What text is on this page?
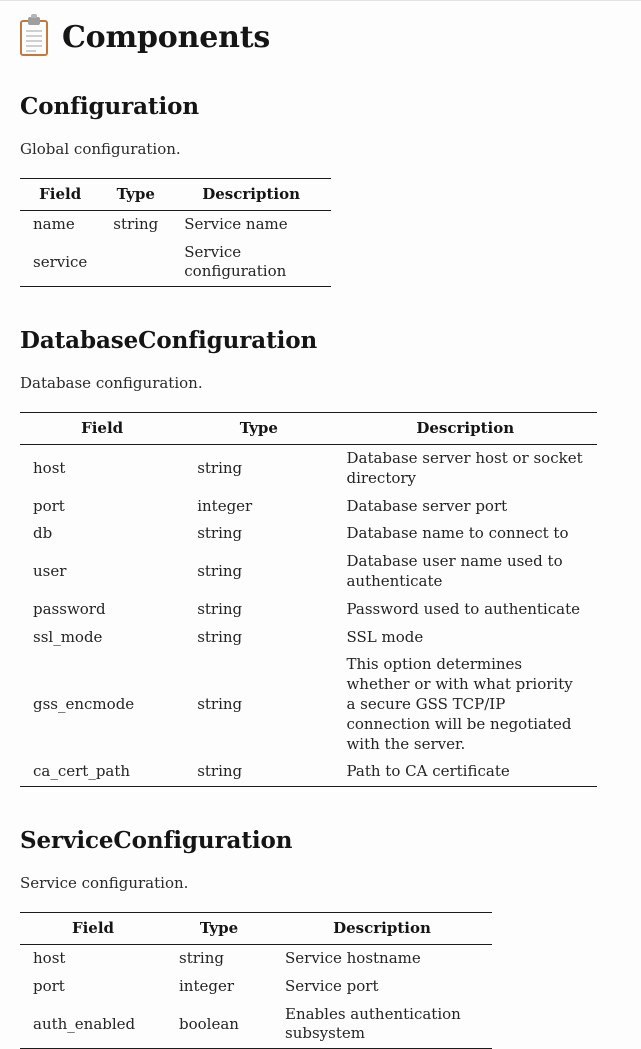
Components
Configuration

Global configuration.

Field	Type	Description
name	string	Service name
service		Service configuration
DatabaseConfiguration

Database configuration.

Field	Type	Description
host	string	Database server host or socket directory
port	integer	Database server port
db	string	Database name to connect to
user	string	Database user name used to authenticate
password	string	Password used to authenticate
ssl_mode	string	SSL mode
gss_encmode	string	This option determines whether or with what priority a secure GSS TCP/IP connection will be negotiated with the server.
ca_cert_path	string	Path to CA certificate
ServiceConfiguration

Service configuration.

Field	Type	Description
host	string	Service hostname
port	integer	Service port
auth_enabled	boolean	Enables authentication subsystem
